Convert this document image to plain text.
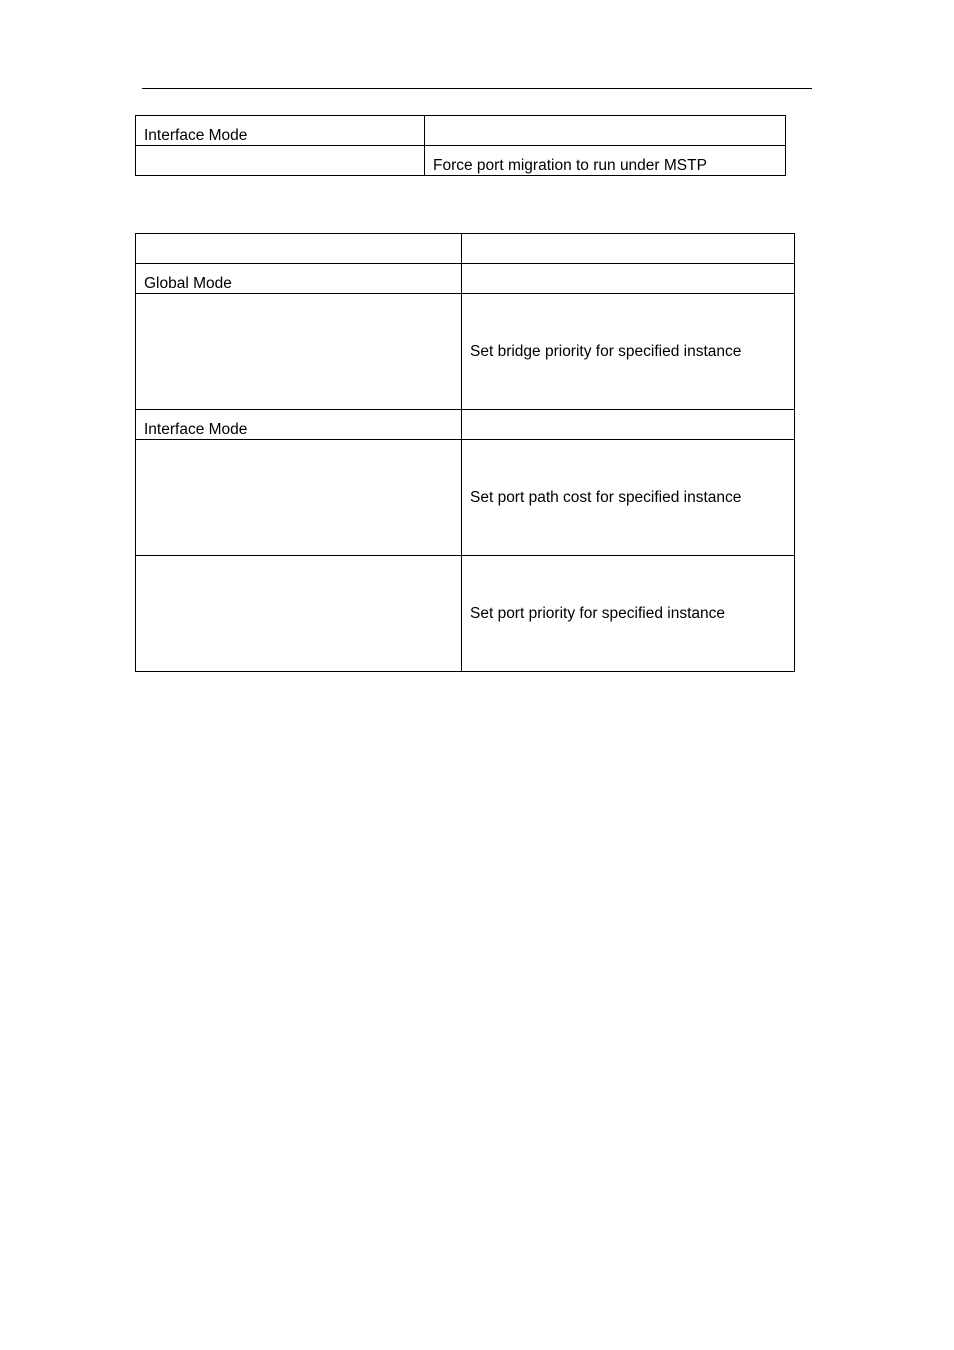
Interface Mode	
	Force port migration to run under MSTP

Global Mode	
	Set bridge priority for specified instance
Interface Mode	
	Set port path cost for specified instance
	Set port priority for specified instance
